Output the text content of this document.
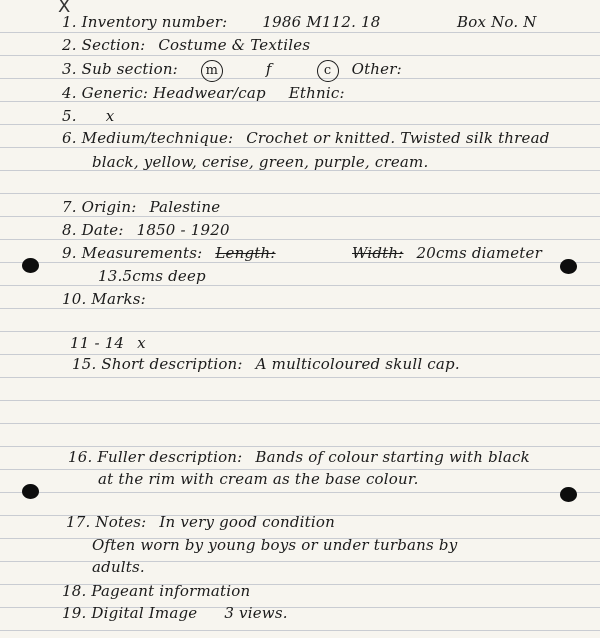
X
1. Inventory number: 1986 M112. 18	Box No. N
2. Section: Costume & Textiles
3. Sub section: m	f	c Other:
4. Generic: Headwear/cap Ethnic:
5. x
6. Medium/technique: Crochet or knitted. Twisted silk thread
black, yellow, cerise, green, purple, cream.
7. Origin: Palestine
8. Date: 1850 - 1920
9. Measurements: Length:	Width: 20cms diameter
13.5cms deep
10. Marks:
11 - 14 x
15. Short description: A multicoloured skull cap.
16. Fuller description: Bands of colour starting with black
at the rim with cream as the base colour.
17. Notes: In very good condition
Often worn by young boys or under turbans by
adults.
18. Pageant information
19. Digital Image 3 views.
